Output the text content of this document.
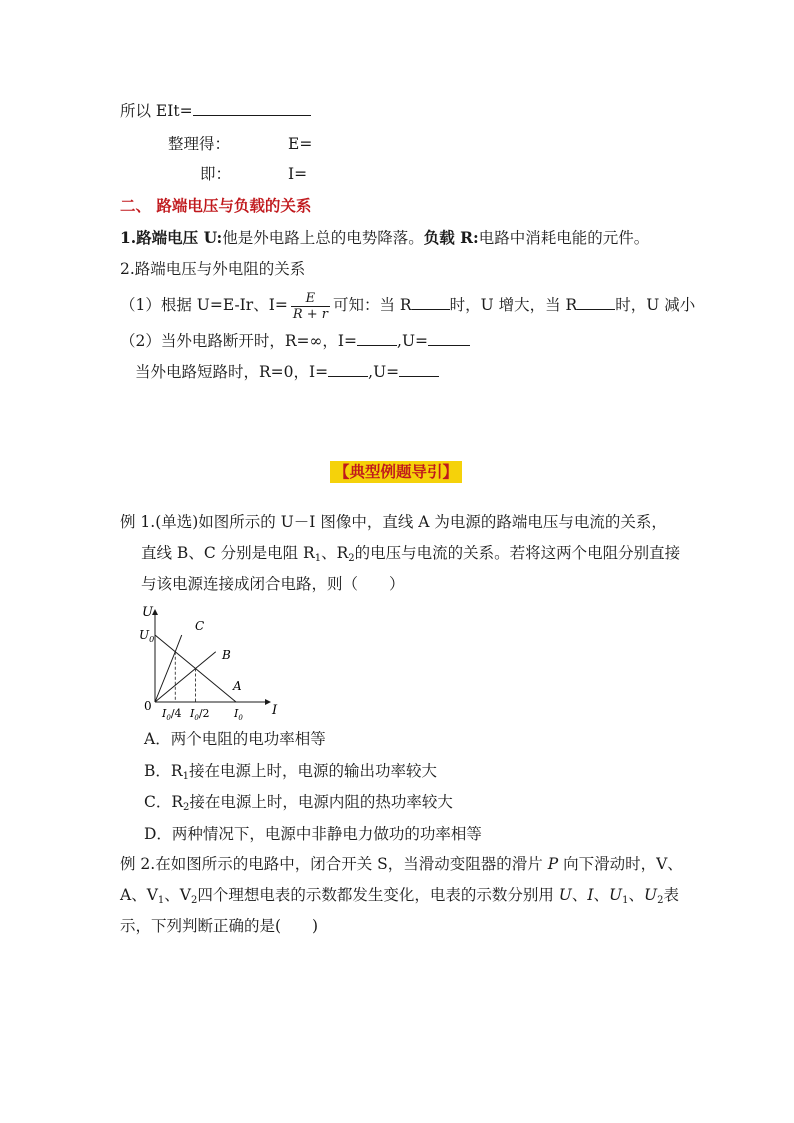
所以 EIt=
整理得：	E=
即：	I=
二、 路端电压与负载的关系
1.路端电压 U:他是外电路上总的电势降落。负载 R:电路中消耗电能的元件。
2.路端电压与外电阻的关系
（1）根据 U=E-Ir、$I= \frac{E}{R + r}$ 可知：当 R 时，U 增大，当 R 时，U 减小
（2）当外电路断开时，R=∞，I=	,U=
当外电路短路时，R=0，I=	,U=
【典型例题导引】
例 1.(单选)如图所示的 U－I 图像中，直线 A 为电源的路端电压与电流的关系，
直线 B、C 分别是电阻 $R_1$、$R_2$的电压与电流的关系。若将这两个电阻分别直接
与该电源连接成闭合电路，则（　　）
U
I
0
$U_0$
A
B
C
$I_0/4$ $I_0/2$ $I_0$
A．两个电阻的电功率相等
B．$R_1$接在电源上时，电源的输出功率较大
C．$R_2$接在电源上时，电源内阻的热功率较大
D．两种情况下，电源中非静电力做功的功率相等
例 2.在如图所示的电路中，闭合开关 S，当滑动变阻器的滑片 P 向下滑动时，V、
A、$V_1$、$V_2$四个理想电表的示数都发生变化，电表的示数分别用 U、I、$U_1$、$U_2$表
示，下列判断正确的是(　　)
